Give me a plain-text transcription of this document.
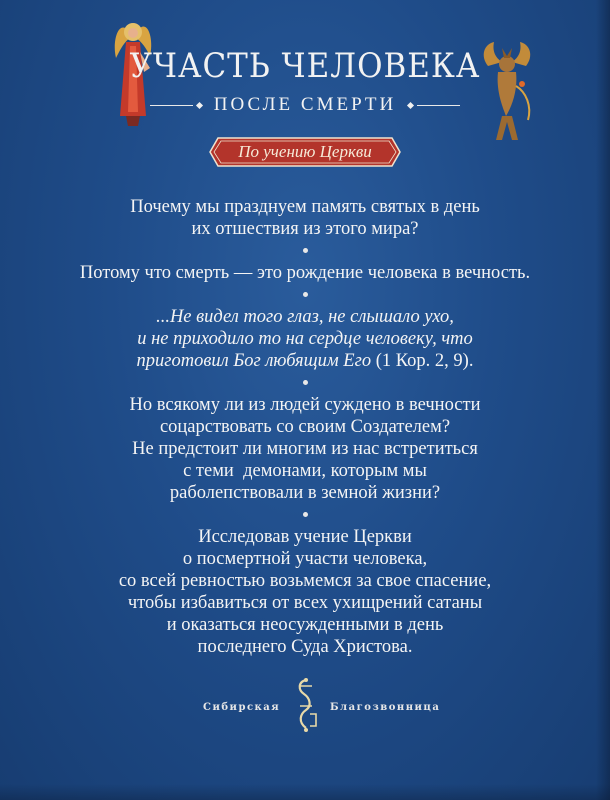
УЧАСТЬ ЧЕЛОВЕКА
ПОСЛЕ СМЕРТИ
По учению Церкви

Почему мы празднуем память святых в день
их отшествия из этого мира?

Потому что смерть — это рождение человека в вечность.

...Не видел того глаз, не слышало ухо,
и не приходило то на сердце человеку, что
приготовил Бог любящим Его (1 Кор. 2, 9).

Но всякому ли из людей суждено в вечности
соцарствовать со своим Создателем?
Не предстоит ли многим из нас встретиться
с теми  демонами, которым мы
раболепствовали в земной жизни?

Исследовав учение Церкви
о посмертной участи человека,
со всей ревностью возьмемся за свое спасение,
чтобы избавиться от всех ухищрений сатаны
и оказаться неосужденными в день
последнего Суда Христова.

Сибирская	Благозвонница
